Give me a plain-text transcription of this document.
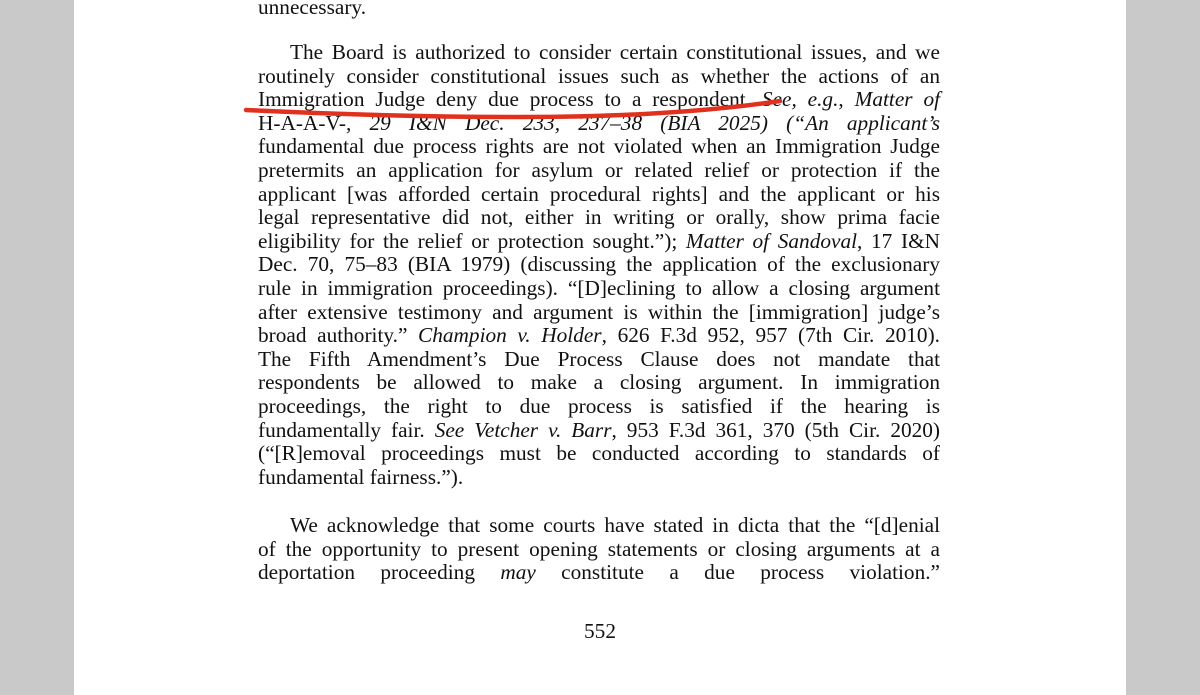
unnecessary.
The Board is authorized to consider certain constitutional issues, and we
routinely consider constitutional issues such as whether the actions of an
Immigration Judge deny due process to a respondent. See, e.g., Matter of
H-A-A-V-, 29 I&N Dec. 233, 237–38 (BIA 2025) (“An applicant’s
fundamental due process rights are not violated when an Immigration Judge
pretermits an application for asylum or related relief or protection if the
applicant [was afforded certain procedural rights] and the applicant or his
legal representative did not, either in writing or orally, show prima facie
eligibility for the relief or protection sought.”); Matter of Sandoval, 17 I&N
Dec. 70, 75–83 (BIA 1979) (discussing the application of the exclusionary
rule in immigration proceedings). “[D]eclining to allow a closing argument
after extensive testimony and argument is within the [immigration] judge’s
broad authority.” Champion v. Holder, 626 F.3d 952, 957 (7th Cir. 2010).
The Fifth Amendment’s Due Process Clause does not mandate that
respondents be allowed to make a closing argument. In immigration
proceedings, the right to due process is satisfied if the hearing is
fundamentally fair. See Vetcher v. Barr, 953 F.3d 361, 370 (5th Cir. 2020)
(“[R]emoval proceedings must be conducted according to standards of
fundamental fairness.”).
We acknowledge that some courts have stated in dicta that the “[d]enial
of the opportunity to present opening statements or closing arguments at a
deportation proceeding may constitute a due process violation.”
552
